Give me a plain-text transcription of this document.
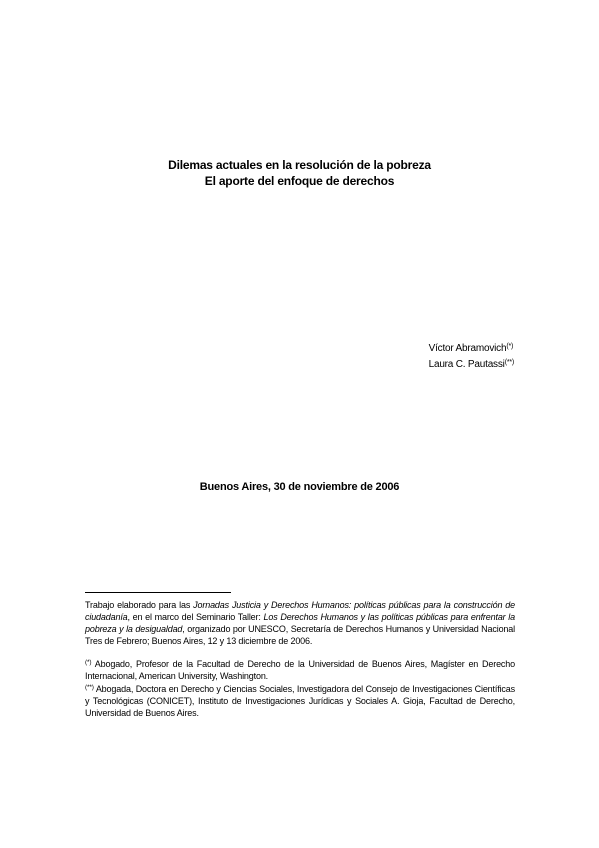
Dilemas actuales en la resolución de la pobreza
El aporte del enfoque de derechos
Víctor Abramovich(*)
Laura C. Pautassi(**)
Buenos Aires, 30 de noviembre de 2006

Trabajo elaborado para las Jornadas Justicia y Derechos Humanos: políticas públicas para la construcción de ciudadanía, en el marco del Seminario Taller: Los Derechos Humanos y las políticas públicas para enfrentar la pobreza y la desigualdad, organizado por UNESCO, Secretaría de Derechos Humanos y Universidad Nacional Tres de Febrero; Buenos Aires, 12 y 13 diciembre de 2006.

(*) Abogado, Profesor de la Facultad de Derecho de la Universidad de Buenos Aires, Magíster en Derecho Internacional, American University, Washington.

(**) Abogada, Doctora en Derecho y Ciencias Sociales, Investigadora del Consejo de Investigaciones Científicas y Tecnológicas (CONICET), Instituto de Investigaciones Jurídicas y Sociales A. Gioja, Facultad de Derecho, Universidad de Buenos Aires.
